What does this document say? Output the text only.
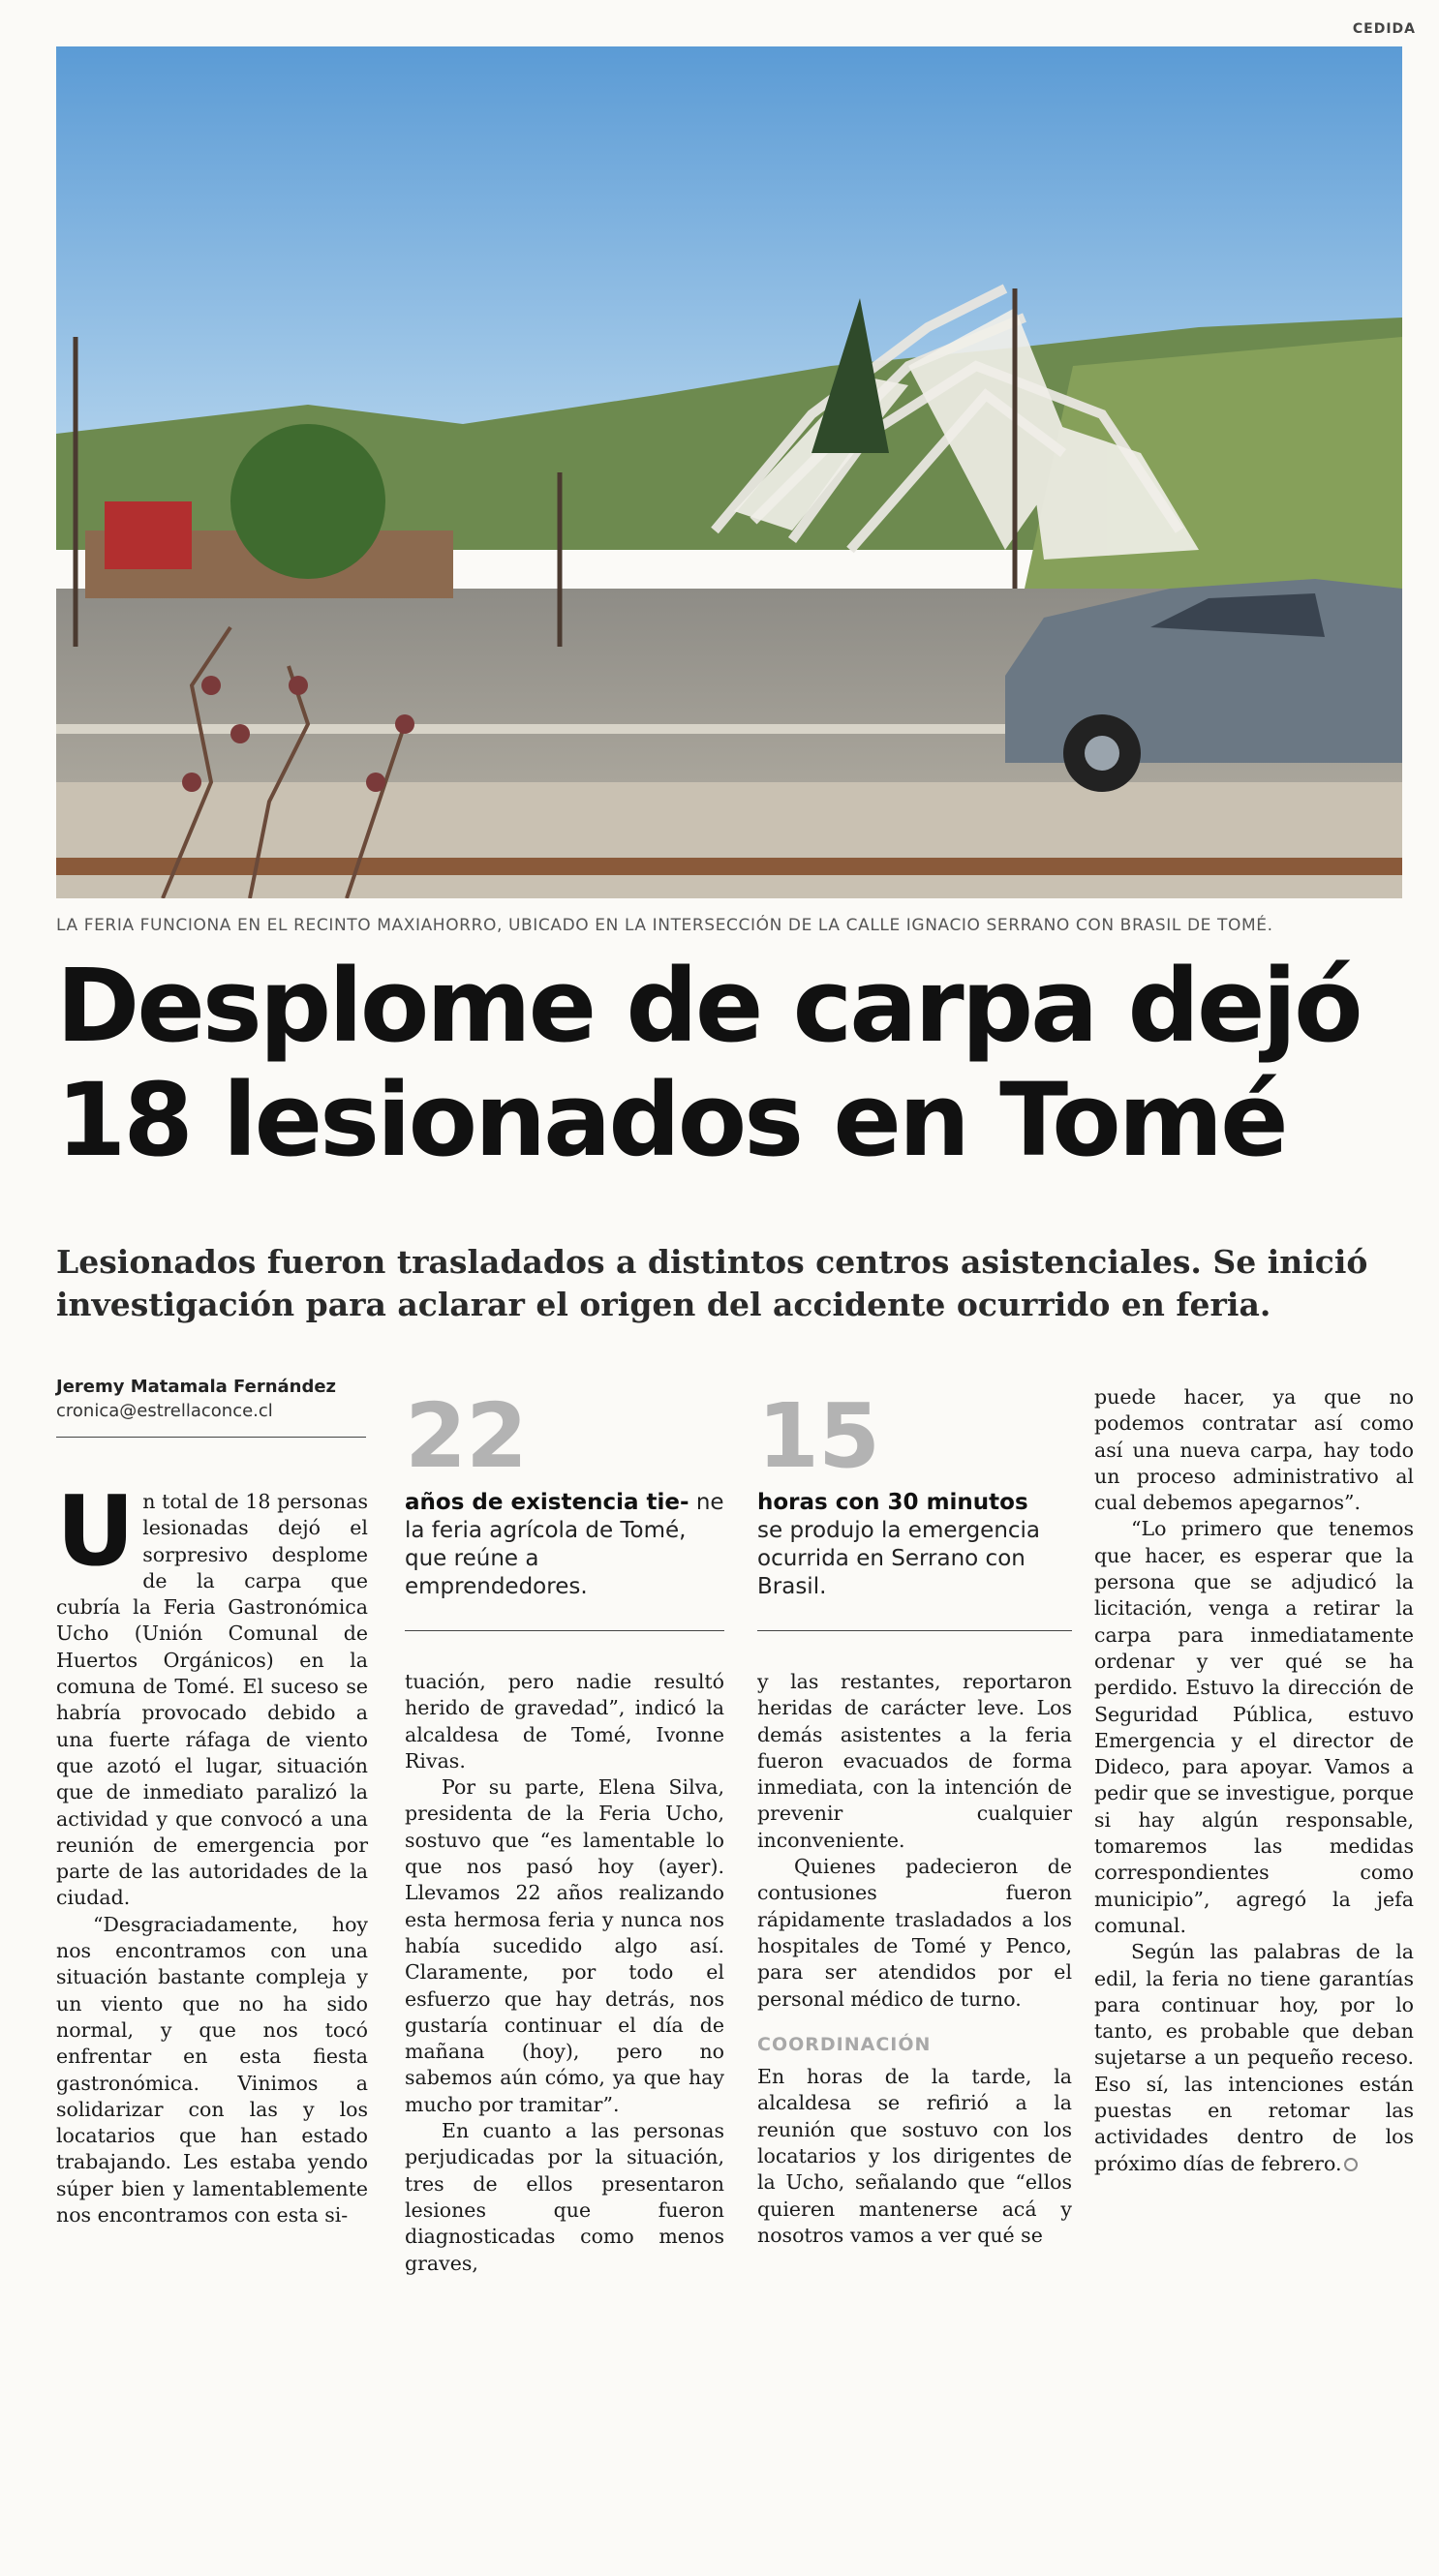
CEDIDA
LA FERIA FUNCIONA EN EL RECINTO MAXIAHORRO, UBICADO EN LA INTERSECCIÓN DE LA CALLE IGNACIO SERRANO CON BRASIL DE TOMÉ.
Desplome de carpa dejó
18 lesionados en Tomé

Lesionados fueron trasladados a distintos centros asistenciales. Se inició investigación para aclarar el origen del accidente ocurrido en feria.

Jeremy Matamala Fernández
cronica@estrellaconce.cl	22
años de existencia tie- ne la feria agrícola de Tomé, que reúne a emprendedores.
15
horas con 30 minutos
se produjo la emergencia ocurrida en Serrano con Brasil.
U n total de 18 personas lesionadas dejó el sorpresivo desplome de la carpa que cubría la Feria Gastronómica Ucho (Unión Comunal de Huertos Orgánicos) en la comuna de Tomé. El suceso se habría provocado debido a una fuerte ráfaga de viento que azotó el lugar, situación que de inmediato paralizó la actividad y que convocó a una reunión de emergencia por parte de las autoridades de la ciudad.

“Desgraciadamente, hoy nos encontramos con una situación bastante compleja y un viento que no ha sido normal, y que nos tocó enfrentar en esta fiesta gastronómica. Vinimos a solidarizar con las y los locatarios que han estado trabajando. Les estaba yendo súper bien y lamentablemente nos encontramos con esta si-

tuación, pero nadie resultó herido de gravedad”, indicó la alcaldesa de Tomé, Ivonne Rivas.

Por su parte, Elena Silva, presidenta de la Feria Ucho, sostuvo que “es lamentable lo que nos pasó hoy (ayer). Llevamos 22 años realizando esta hermosa feria y nunca nos había sucedido algo así. Claramente, por todo el esfuerzo que hay detrás, nos gustaría continuar el día de mañana (hoy), pero no sabemos aún cómo, ya que hay mucho por tramitar”.

En cuanto a las personas perjudicadas por la situación, tres de ellos presentaron lesiones que fueron diagnosticadas como menos graves,

y las restantes, reportaron heridas de carácter leve. Los demás asistentes a la feria fueron evacuados de forma inmediata, con la intención de prevenir cualquier inconveniente.

Quienes padecieron de contusiones fueron rápidamente trasladados a los hospitales de Tomé y Penco, para ser atendidos por el personal médico de turno.

COORDINACIÓN

En horas de la tarde, la alcaldesa se refirió a la reunión que sostuvo con los locatarios y los dirigentes de la Ucho, señalando que “ellos quieren mantenerse acá y nosotros vamos a ver qué se

puede hacer, ya que no podemos contratar así como así una nueva carpa, hay todo un proceso administrativo al cual debemos apegarnos”.

“Lo primero que tenemos que hacer, es esperar que la persona que se adjudicó la licitación, venga a retirar la carpa para inmediatamente ordenar y ver qué se ha perdido. Estuvo la dirección de Seguridad Pública, estuvo Emergencia y el director de Dideco, para apoyar. Vamos a pedir que se investigue, porque si hay algún responsable, tomaremos las medidas correspondientes como municipio”, agregó la jefa comunal.

Según las palabras de la edil, la feria no tiene garantías para continuar hoy, por lo tanto, es probable que deban sujetarse a un pequeño receso. Eso sí, las intenciones están puestas en retomar las actividades dentro de los próximo días de febrero.
